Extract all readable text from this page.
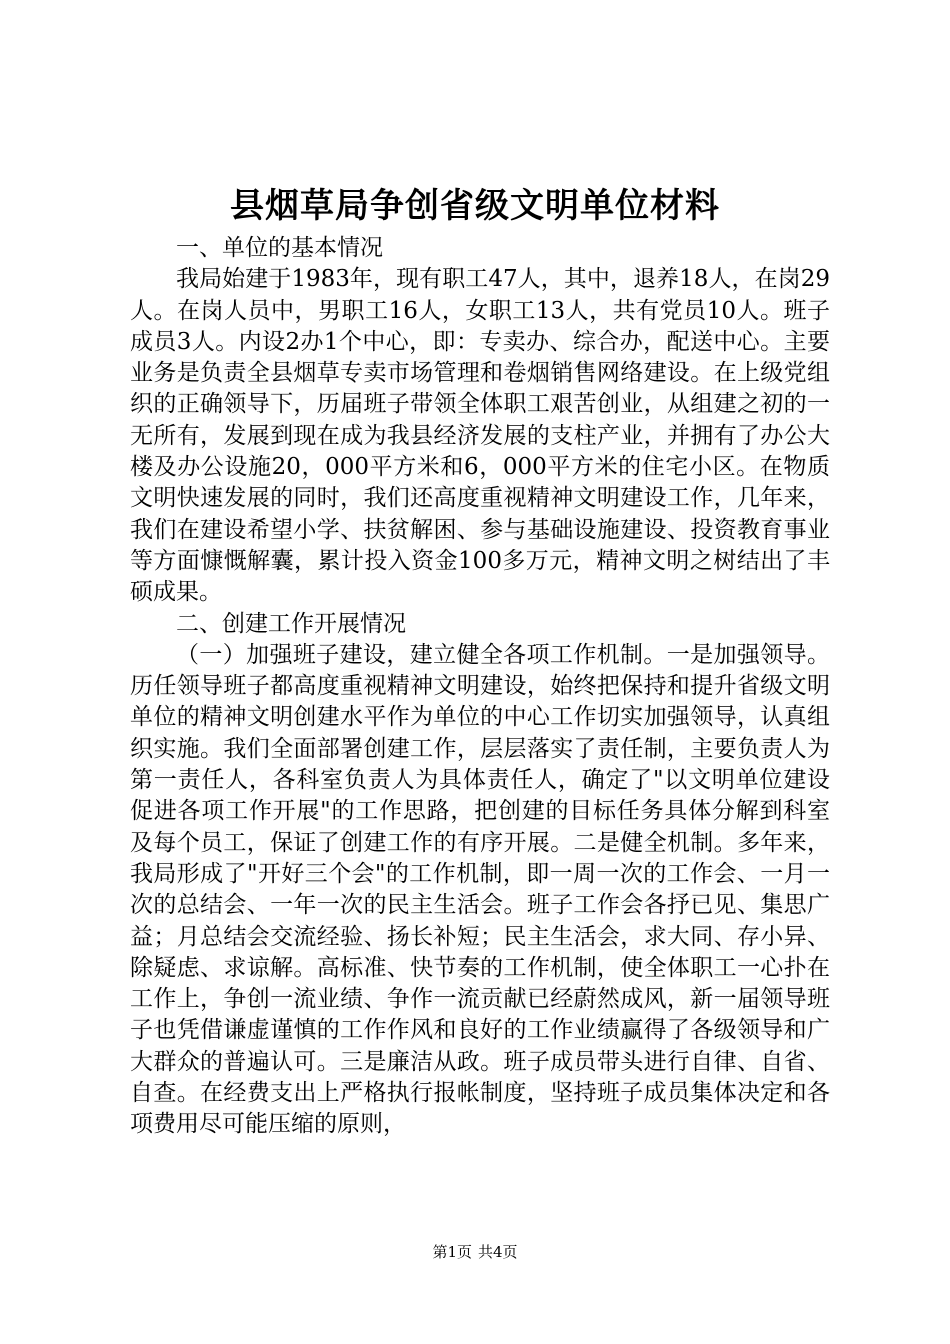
县烟草局争创省级文明单位材料

一、单位的基本情况

我局始建于1983年，现有职工47人，其中，退养18人，在岗29人。在岗人员中，男职工16人，女职工13人，共有党员10人。班子成员3人。内设2办1个中心，即：专卖办、综合办，配送中心。主要业务是负责全县烟草专卖市场管理和卷烟销售网络建设。在上级党组织的正确领导下，历届班子带领全体职工艰苦创业，从组建之初的一无所有，发展到现在成为我县经济发展的支柱产业，并拥有了办公大楼及办公设施20，000平方米和6，000平方米的住宅小区。在物质文明快速发展的同时，我们还高度重视精神文明建设工作，几年来，我们在建设希望小学、扶贫解困、参与基础设施建设、投资教育事业等方面慷慨解囊，累计投入资金100多万元，精神文明之树结出了丰硕成果。

二、创建工作开展情况

（一）加强班子建设，建立健全各项工作机制。一是加强领导。历任领导班子都高度重视精神文明建设，始终把保持和提升省级文明单位的精神文明创建水平作为单位的中心工作切实加强领导，认真组织实施。我们全面部署创建工作，层层落实了责任制，主要负责人为第一责任人，各科室负责人为具体责任人，确定了"以文明单位建设促进各项工作开展"的工作思路，把创建的目标任务具体分解到科室及每个员工，保证了创建工作的有序开展。二是健全机制。多年来，我局形成了"开好三个会"的工作机制，即一周一次的工作会、一月一次的总结会、一年一次的民主生活会。班子工作会各抒已见、集思广益；月总结会交流经验、扬长补短；民主生活会，求大同、存小异、除疑虑、求谅解。高标准、快节奏的工作机制，使全体职工一心扑在工作上，争创一流业绩、争作一流贡献已经蔚然成风，新一届领导班子也凭借谦虚谨慎的工作作风和良好的工作业绩赢得了各级领导和广大群众的普遍认可。三是廉洁从政。班子成员带头进行自律、自省、自查。在经费支出上严格执行报帐制度，坚持班子成员集体决定和各项费用尽可能压缩的原则，

第1页 共4页
